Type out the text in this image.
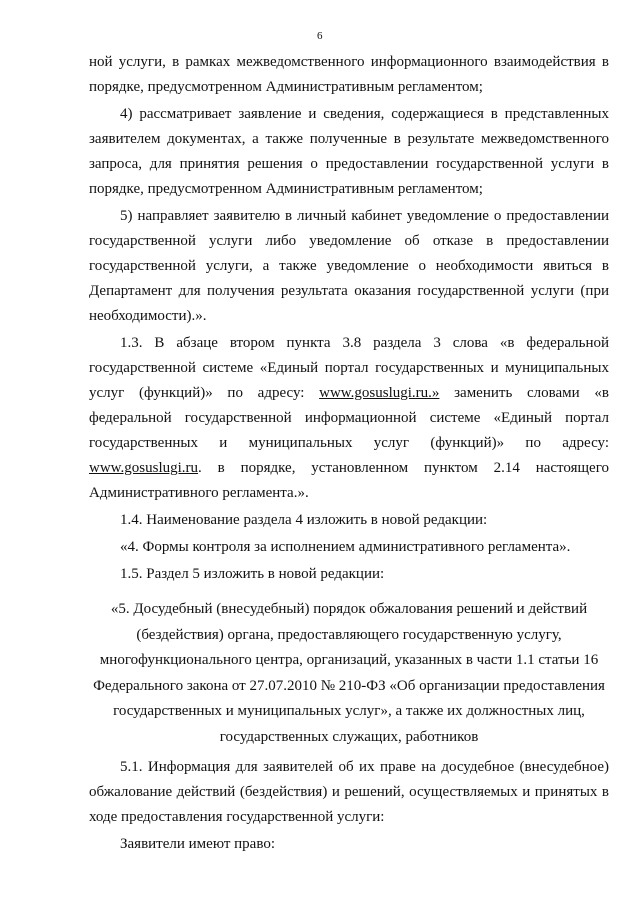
6

ной услуги, в рамках межведомственного информационного взаимодействия в порядке, предусмотренном Административным регламентом;

4) рассматривает заявление и сведения, содержащиеся в представленных заявителем документах, а также полученные в результате межведомственного запроса, для принятия решения о предоставлении государственной услуги в порядке, предусмотренном Административным регламентом;

5) направляет заявителю в личный кабинет уведомление о предоставлении государственной услуги либо уведомление об отказе в предоставлении государственной услуги, а также уведомление о необходимости явиться в Департамент для получения результата оказания государственной услуги (при необходимости).».

1.3. В абзаце втором пункта 3.8 раздела 3 слова «в федеральной государственной системе «Единый портал государственных и муниципальных услуг (функций)» по адресу: www.gosuslugi.ru.» заменить словами «в федеральной государственной информационной системе «Единый портал государственных и муниципальных услуг (функций)» по адресу: www.gosuslugi.ru. в порядке, установленном пунктом 2.14 настоящего Административного регламента.».

1.4. Наименование раздела 4 изложить в новой редакции:

«4. Формы контроля за исполнением административного регламента».

1.5. Раздел 5 изложить в новой редакции:

«5. Досудебный (внесудебный) порядок обжалования решений и действий (бездействия) органа, предоставляющего государственную услугу, многофункционального центра, организаций, указанных в части 1.1 статьи 16 Федерального закона от 27.07.2010 № 210-ФЗ «Об организации предоставления государственных и муниципальных услуг», а также их должностных лиц, государственных служащих, работников

5.1. Информация для заявителей об их праве на досудебное (внесудебное) обжалование действий (бездействия) и решений, осуществляемых и принятых в ходе предоставления государственной услуги:

Заявители имеют право:
